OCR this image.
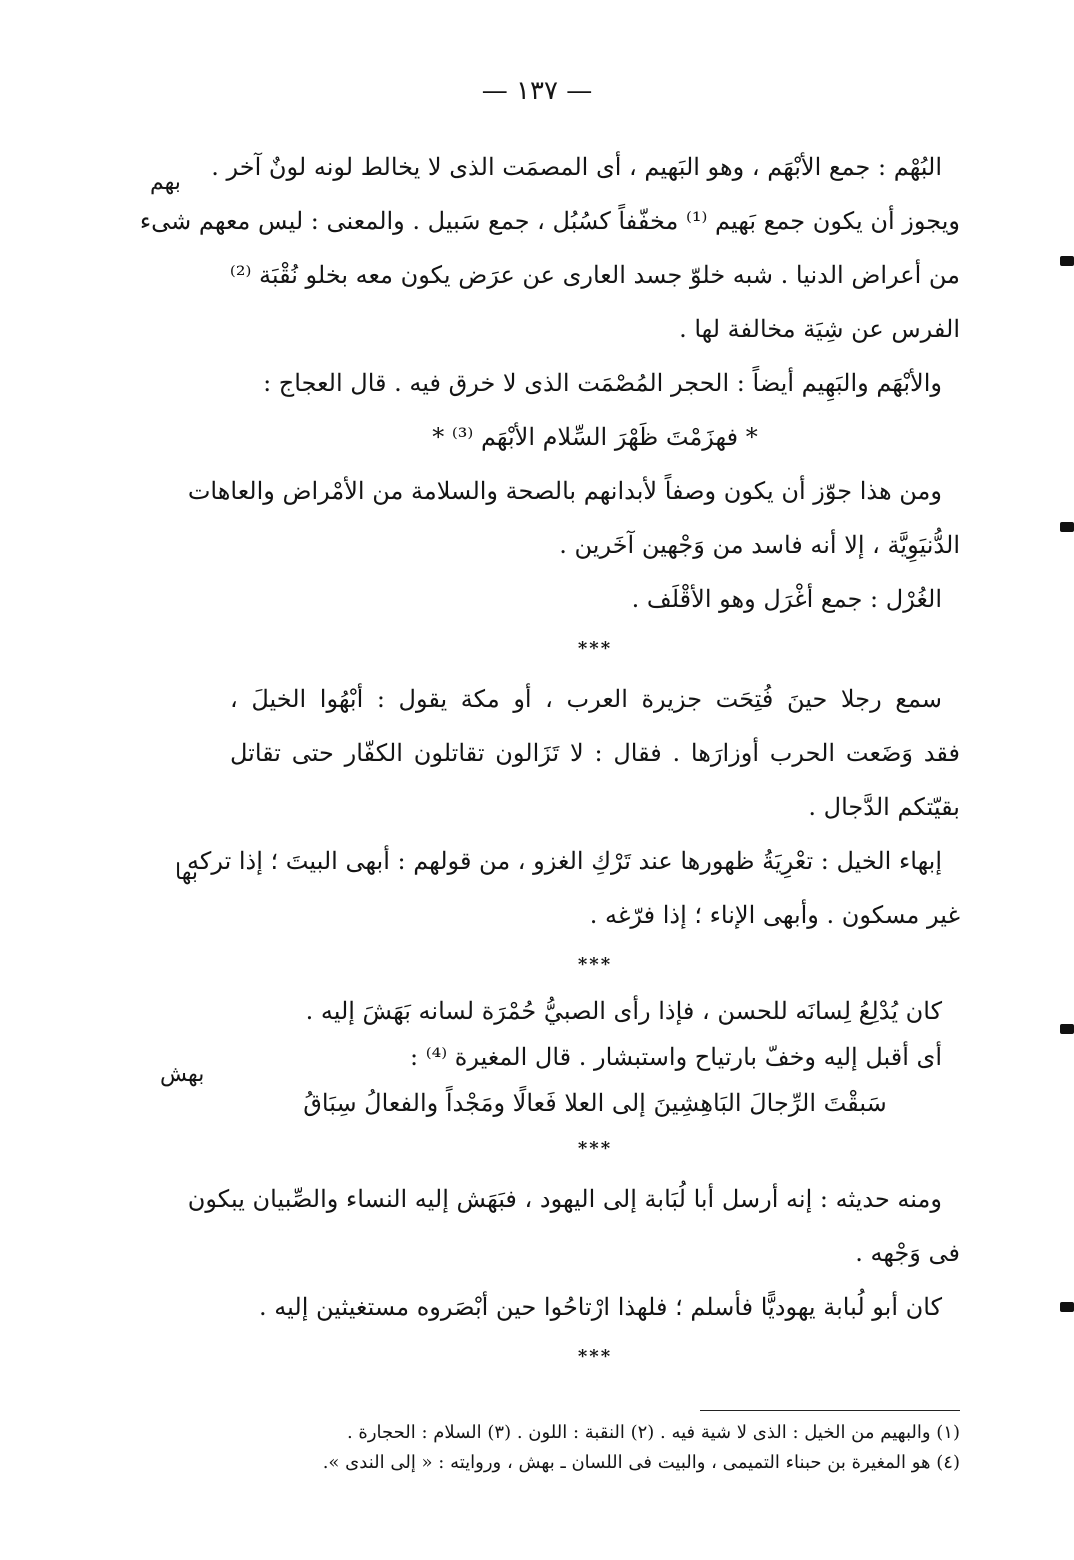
— ١٣٧ —
بهم
بها
بهش
البُهْم : جمع الأبْهَم ، وهو البَهيم ، أى المصمَت الذى لا يخالط لونه لونٌ آخر .
ويجوز أن يكون جمع بَهيم ⁽¹⁾ مخفّفاً كسُبُل ، جمع سَبيل . والمعنى : ليس معهم شىء
من أعراض الدنيا . شبه خلوّ جسد العارى عن عرَض يكون معه بخلو نُقْبَة ⁽²⁾
الفرس عن شِيَة مخالفة لها .
والأبْهَم والبَهِيم أيضاً : الحجر المُصْمَت الذى لا خرق فيه . قال العجاج :
* فهزَمْتَ ظَهْرَ السِّلام الأبْهَم ⁽³⁾ *
ومن هذا جوّز أن يكون وصفاً لأبدانهم بالصحة والسلامة من الأمْراض والعاهات
الدُّنيَوِيَّة ، إلا أنه فاسد من وَجْهين آخَرين .
الغُرْل : جمع أغْرَل وهو الأقْلَف .
***
سمع رجلا حينَ فُتِحَت جزيرة العرب ، أو مكة يقول : أبْهُوا الخيلَ ،
فقد وَضَعت الحرب أوزارَها . فقال : لا تَزَالون تقاتلون الكفّار حتى تقاتل
بقيّتكم الدَّجال .
إبهاء الخيل : تعْرِيَةُ ظهورها عند تَرْكِ الغزو ، من قولهم : أبهى البيتَ ؛ إذا تركه
غير مسكون . وأبهى الإناء ؛ إذا فرّغه .
***
كان يُدْلِعُ لِسانَه للحسن ، فإذا رأى الصبيُّ حُمْرَة لسانه بَهَشَ إليه .
أى أقبل إليه وخفّ بارتياح واستبشار . قال المغيرة ⁽⁴⁾ :
سَبقْتَ الرِّجالَ البَاهِشِينَ إلى العلا فَعالًا ومَجْداً والفعالُ سِبَاقُ
***
ومنه حديثه : إنه أرسل أبا لُبَابة إلى اليهود ، فبَهَش إليه النساء والصِّبيان يبكون
فى وَجْهه .
كان أبو لُبابة يهوديًّا فأسلم ؛ فلهذا ارْتاحُوا حين أبْصَروه مستغيثين إليه .
***
(١) والبهيم من الخيل : الذى لا شية فيه . (٢) النقبة : اللون . (٣) السلام : الحجارة .
(٤) هو المغيرة بن حبناء التميمى ، والبيت فى اللسان ـ بهش ، وروايته : « إلى الندى ».
